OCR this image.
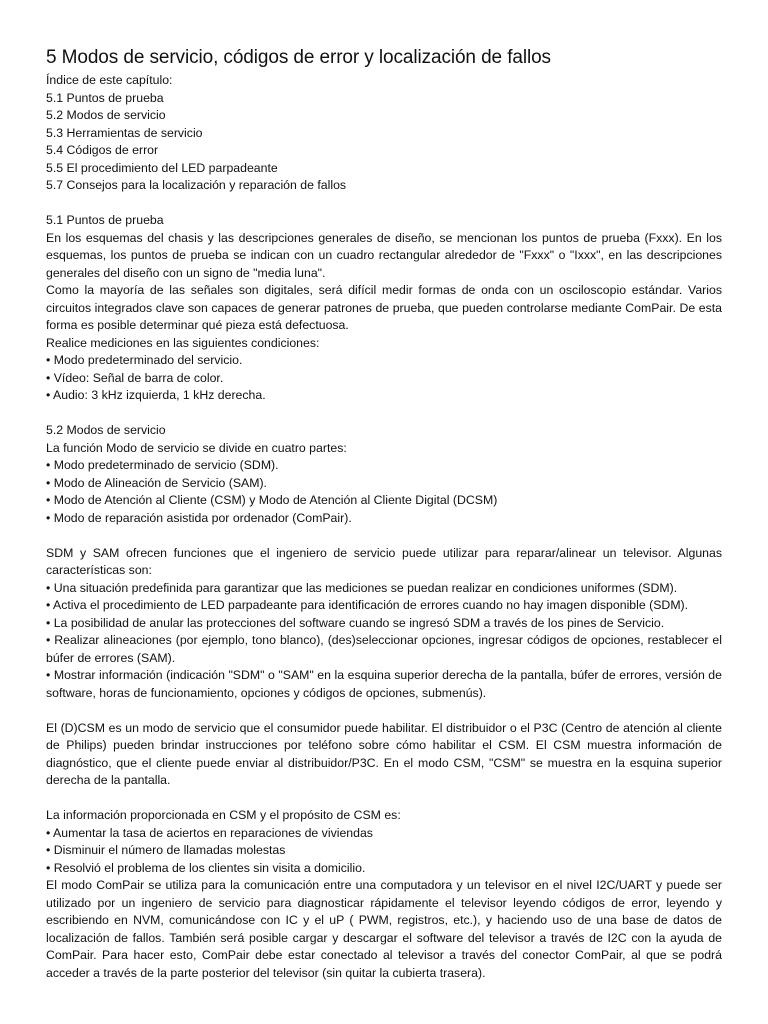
5 Modos de servicio, códigos de error y localización de fallos

Índice de este capítulo:

5.1 Puntos de prueba

5.2 Modos de servicio

5.3 Herramientas de servicio

5.4 Códigos de error

5.5 El procedimiento del LED parpadeante

5.7 Consejos para la localización y reparación de fallos

5.1 Puntos de prueba

En los esquemas del chasis y las descripciones generales de diseño, se mencionan los puntos de prueba (Fxxx). En los esquemas, los puntos de prueba se indican con un cuadro rectangular alrededor de "Fxxx" o "Ixxx", en las descripciones generales del diseño con un signo de "media luna".

Como la mayoría de las señales son digitales, será difícil medir formas de onda con un osciloscopio estándar. Varios circuitos integrados clave son capaces de generar patrones de prueba, que pueden controlarse mediante ComPair. De esta forma es posible determinar qué pieza está defectuosa.

Realice mediciones en las siguientes condiciones:

• Modo predeterminado del servicio.

• Vídeo: Señal de barra de color.

• Audio: 3 kHz izquierda, 1 kHz derecha.

5.2 Modos de servicio

La función Modo de servicio se divide en cuatro partes:

• Modo predeterminado de servicio (SDM).

• Modo de Alineación de Servicio (SAM).

• Modo de Atención al Cliente (CSM) y Modo de Atención al Cliente Digital (DCSM)

• Modo de reparación asistida por ordenador (ComPair).

SDM y SAM ofrecen funciones que el ingeniero de servicio puede utilizar para reparar/alinear un televisor. Algunas características son:

• Una situación predefinida para garantizar que las mediciones se puedan realizar en condiciones uniformes (SDM).

• Activa el procedimiento de LED parpadeante para identificación de errores cuando no hay imagen disponible (SDM).

• La posibilidad de anular las protecciones del software cuando se ingresó SDM a través de los pines de Servicio.

• Realizar alineaciones (por ejemplo, tono blanco), (des)seleccionar opciones, ingresar códigos de opciones, restablecer el búfer de errores (SAM).

• Mostrar información (indicación "SDM" o "SAM" en la esquina superior derecha de la pantalla, búfer de errores, versión de software, horas de funcionamiento, opciones y códigos de opciones, submenús).

El (D)CSM es un modo de servicio que el consumidor puede habilitar. El distribuidor o el P3C (Centro de atención al cliente de Philips) pueden brindar instrucciones por teléfono sobre cómo habilitar el CSM. El CSM muestra información de diagnóstico, que el cliente puede enviar al distribuidor/P3C. En el modo CSM, "CSM" se muestra en la esquina superior derecha de la pantalla.

La información proporcionada en CSM y el propósito de CSM es:

• Aumentar la tasa de aciertos en reparaciones de viviendas

• Disminuir el número de llamadas molestas

• Resolvió el problema de los clientes sin visita a domicilio.

El modo ComPair se utiliza para la comunicación entre una computadora y un televisor en el nivel I2C/UART y puede ser utilizado por un ingeniero de servicio para diagnosticar rápidamente el televisor leyendo códigos de error, leyendo y escribiendo en NVM, comunicándose con IC y el uP ( PWM, registros, etc.), y haciendo uso de una base de datos de localización de fallos. También será posible cargar y descargar el software del televisor a través de I2C con la ayuda de ComPair. Para hacer esto, ComPair debe estar conectado al televisor a través del conector ComPair, al que se podrá acceder a través de la parte posterior del televisor (sin quitar la cubierta trasera).
